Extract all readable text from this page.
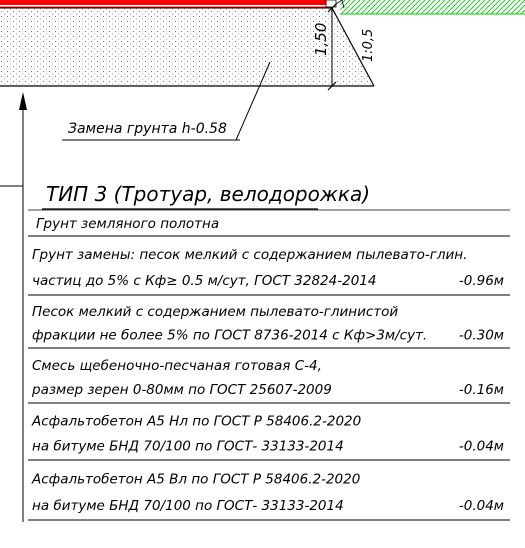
1,50 1:0,5
Замена грунта h-0.58
ТИП 3 (Тротуар, велодорожка)
Грунт земляного полотна
Грунт замены: песок мелкий с содержанием пылевато-глин.
частиц до 5% с Кф≥ 0.5 м/сут, ГОСТ 32824-2014	-0.96м
Песок мелкий с содержанием пылевато-глинистой
фракции не более 5% по ГОСТ 8736-2014 с Кф>3м/сут. -0.30м
Смесь щебеночно-песчаная готовая С-4,
размер зерен 0-80мм по ГОСТ 25607-2009	-0.16м
Асфальтобетон А5 Нл по ГОСТ Р 58406.2-2020
на битуме БНД 70/100 по ГОСТ- 33133-2014	-0.04м
Асфальтобетон А5 Вл по ГОСТ Р 58406.2-2020
на битуме БНД 70/100 по ГОСТ- 33133-2014	-0.04м
